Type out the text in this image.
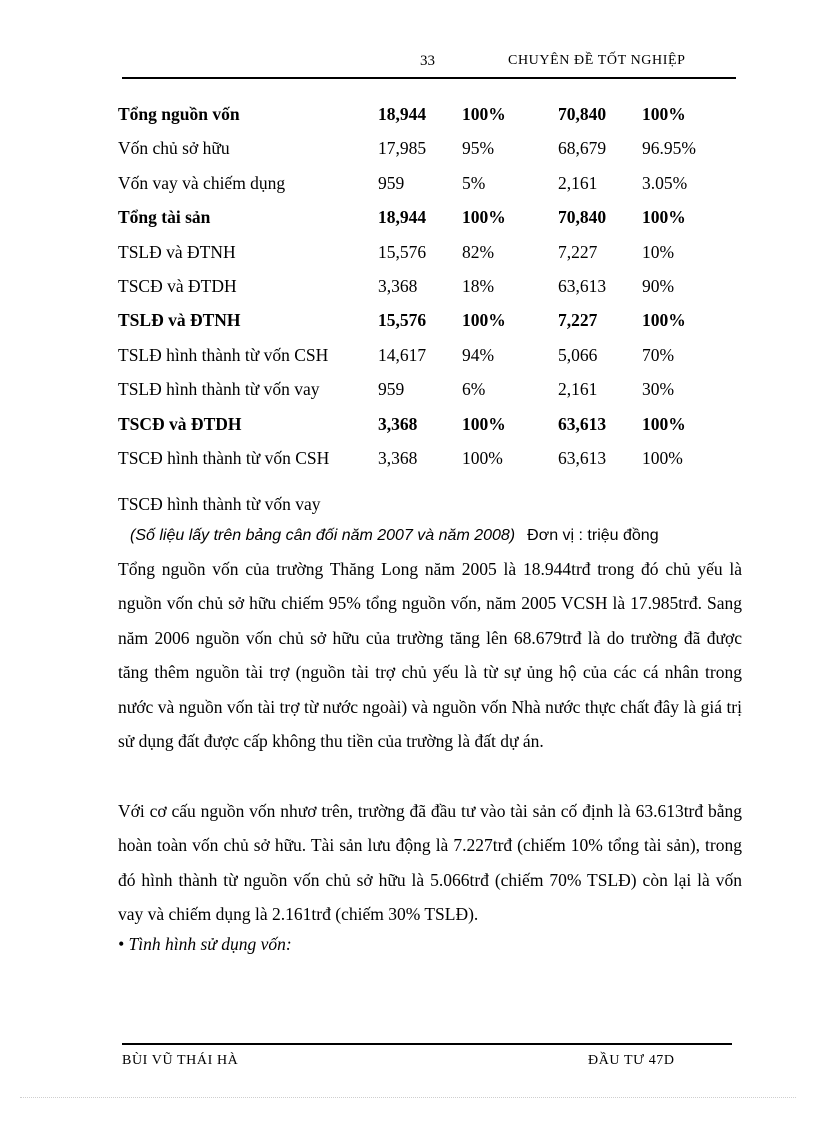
33	CHUYÊN ĐỀ TỐT NGHIỆP
Tổng nguồn vốn	18,944 100%	70,840 100%
Vốn chủ sở hữu	17,985 95%	68,679 96.95%
Vốn vay và chiếm dụng	959	5%	2,161	3.05%
Tổng tài sản	18,944 100%	70,840 100%
TSLĐ và ĐTNH	15,576 82%	7,227	10%
TSCĐ và ĐTDH	3,368	18%	63,613 90%
TSLĐ và ĐTNH	15,576 100%	7,227	100%
TSLĐ hình thành từ vốn CSH	14,617 94%	5,066	70%
TSLĐ hình thành từ vốn vay	959	6%	2,161	30%
TSCĐ và ĐTDH	3,368	100%	63,613 100%
TSCĐ hình thành từ vốn CSH	3,368	100%	63,613 100%
TSCĐ hình thành từ vốn vay
(Số liệu lấy trên bảng cân đối năm 2007 và năm 2008) Đơn vị : triệu đồng
Tổng nguồn vốn của trường Thăng Long năm 2005 là 18.944trđ trong đó chủ yếu là nguồn vốn chủ sở hữu chiếm 95% tổng nguồn vốn, năm 2005 VCSH là 17.985trđ. Sang năm 2006 nguồn vốn chủ sở hữu của trường tăng lên 68.679trđ là do trường đã được tăng thêm nguồn tài trợ (nguồn tài trợ chủ yếu là từ sự ủng hộ của các cá nhân trong nước và nguồn vốn tài trợ từ nước ngoài) và nguồn vốn Nhà nước thực chất đây là giá trị sử dụng đất được cấp không thu tiền của trường là đất dự án.
Với cơ cấu nguồn vốn nhươ trên, trường đã đầu tư vào tài sản cố định là 63.613trđ bằng hoàn toàn vốn chủ sở hữu. Tài sản lưu động là 7.227trđ (chiếm 10% tổng tài sản), trong đó hình thành từ nguồn vốn chủ sở hữu là 5.066trđ (chiếm 70% TSLĐ) còn lại là vốn vay và chiếm dụng là 2.161trđ (chiếm 30% TSLĐ).
• Tình hình sử dụng vốn:
BÙI VŨ THÁI HÀ	ĐẦU TƯ 47D
